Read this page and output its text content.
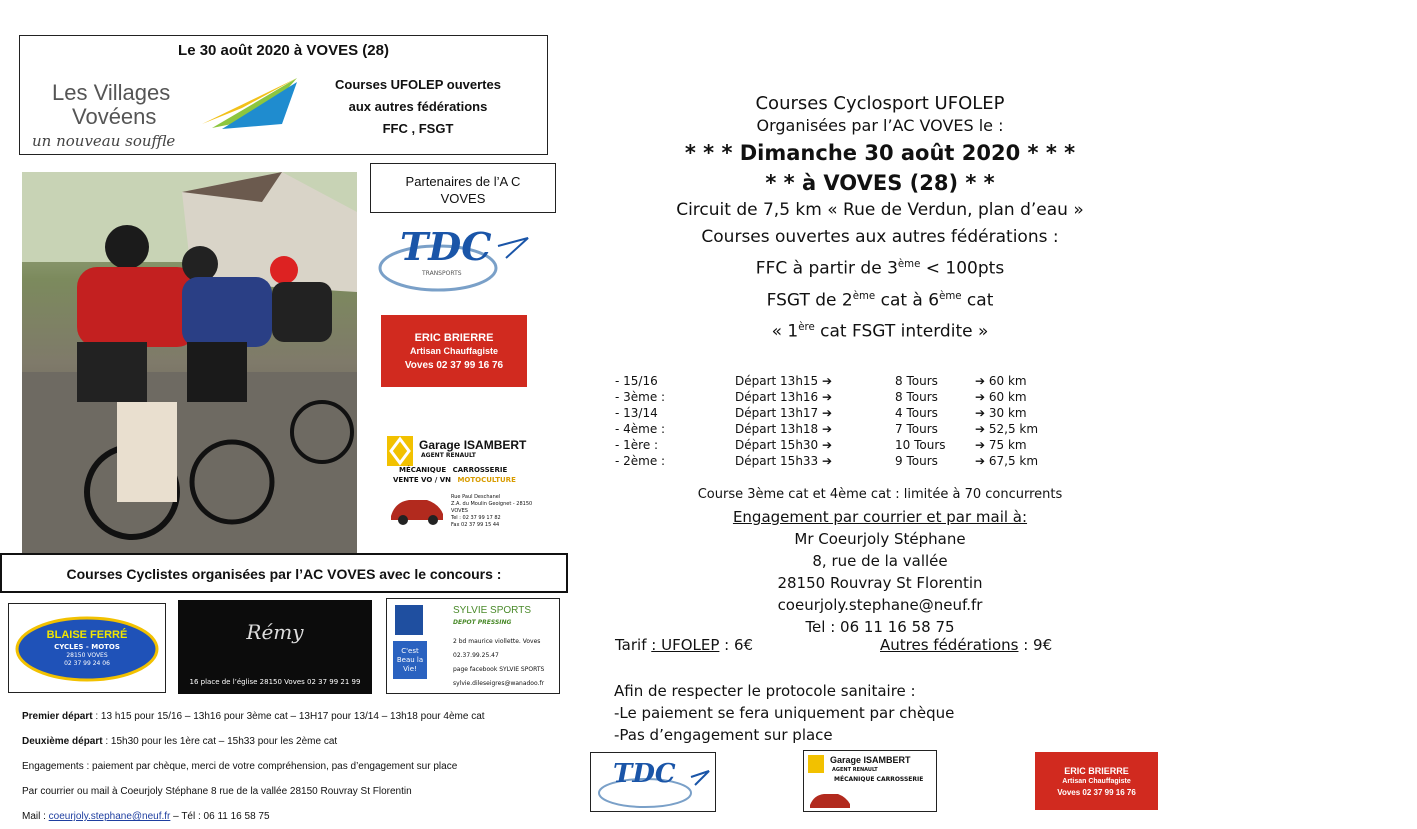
Le 30 août 2020 à VOVES (28)
Les Villages
Vovéens
un nouveau souffle
Courses UFOLEP ouvertes
aux autres fédérations
FFC , FSGT
Partenaires de l’A C
VOVES
TDC
TRANSPORTS
ERIC BRIERRE
Artisan Chauffagiste
Voves 02 37 99 16 76
Garage ISAMBERT
AGENT RENAULT
MÉCANIQUE CARROSSERIE
VENTE VO / VN MOTOCULTURE
Rue Paul Deschanel
Z.A. du Moulin Geoignet - 28150 VOVES
Tel : 02 37 99 17 82
Fax 02 37 99 15 44
Courses Cyclistes organisées par l’AC VOVES avec le concours :
BLAISE FERRÉ
CYCLES - MOTOS
28150 VOVES
02 37 99 24 06
Rémy
16 place de l’église 28150 Voves 02 37 99 21 99
C'est Beau la Vie!
SYLVIE SPORTS
DEPOT PRESSING
2 bd maurice viollette. Voves
02.37.99.25.47
page facebook SYLVIE SPORTS
sylvie.dileseigres@wanadoo.fr
Premier départ : 13 h15 pour 15/16 – 13h16 pour 3ème cat – 13H17 pour 13/14 – 13h18 pour 4ème cat
Deuxième départ : 15h30 pour les 1ère cat – 15h33 pour les 2ème cat
Engagements : paiement par chèque, merci de votre compréhension, pas d’engagement sur place
Par courrier ou mail à Coeurjoly Stéphane 8 rue de la vallée 28150 Rouvray St Florentin
Mail : coeurjoly.stephane@neuf.fr – Tél : 06 11 16 58 75
Courses Cyclosport UFOLEP
Organisées par l’AC VOVES le :
* * * Dimanche 30 août 2020 * * *
* * à VOVES (28) * *
Circuit de 7,5 km « Rue de Verdun, plan d’eau »
Courses ouvertes aux autres fédérations :
FFC à partir de 3ème < 100pts
FSGT de 2ème cat à 6ème cat
« 1ère cat FSGT interdite »
- 15/16	Départ 13h15 ➔	8 Tours	➔ 60 km
- 3ème :	Départ 13h16 ➔	8 Tours	➔ 60 km
- 13/14	Départ 13h17 ➔	4 Tours	➔ 30 km
- 4ème :	Départ 13h18 ➔	7 Tours	➔ 52,5 km
- 1ère :	Départ 15h30 ➔	10 Tours	➔ 75 km
- 2ème :	Départ 15h33 ➔	9 Tours	➔ 67,5 km
Course 3ème cat et 4ème cat : limitée à 70 concurrents
Engagement par courrier et par mail à:
Mr Coeurjoly Stéphane
8, rue de la vallée
28150 Rouvray St Florentin
coeurjoly.stephane@neuf.fr
Tel : 06 11 16 58 75
Tarif : UFOLEP : 6€	Autres fédérations : 9€
Afin de respecter le protocole sanitaire :
-Le paiement se fera uniquement par chèque
-Pas d’engagement sur place
TDC	Garage ISAMBERT
AGENT RENAULT
MÉCANIQUE CARROSSERIE
ERIC BRIERRE
Artisan Chauffagiste
Voves 02 37 99 16 76
